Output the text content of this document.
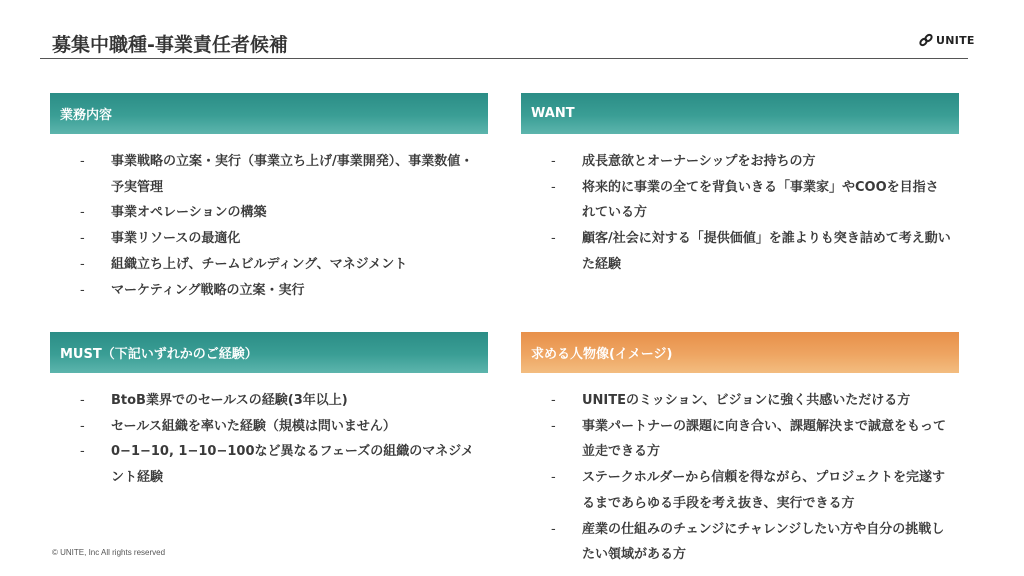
募集中職種-事業責任者候補	UNITE
業務内容
- 事業戦略の立案・実行（事業立ち上げ/事業開発）、事業数値・予実管理
- 事業オペレーションの構築
- 事業リソースの最適化
- 組織立ち上げ、チームビルディング、マネジメント
- マーケティング戦略の立案・実行
WANT
- 成長意欲とオーナーシップをお持ちの方
- 将来的に事業の全てを背負いきる「事業家」やCOOを目指されている方
- 顧客/社会に対する「提供価値」を誰よりも突き詰めて考え動いた経験
MUST（下記いずれかのご経験）
- BtoB業界でのセールスの経験(3年以上)
- セールス組織を率いた経験（規模は問いません）
- 0−1−10, 1−10−100など異なるフェーズの組織のマネジメント経験
求める人物像(イメージ)
- UNITEのミッション、ビジョンに強く共感いただける方
- 事業パートナーの課題に向き合い、課題解決まで誠意をもって並走できる方
- ステークホルダーから信頼を得ながら、プロジェクトを完遂するまであらゆる手段を考え抜き、実行できる方
- 産業の仕組みのチェンジにチャレンジしたい方や自分の挑戦したい領域がある方
© UNITE, Inc All rights reserved
